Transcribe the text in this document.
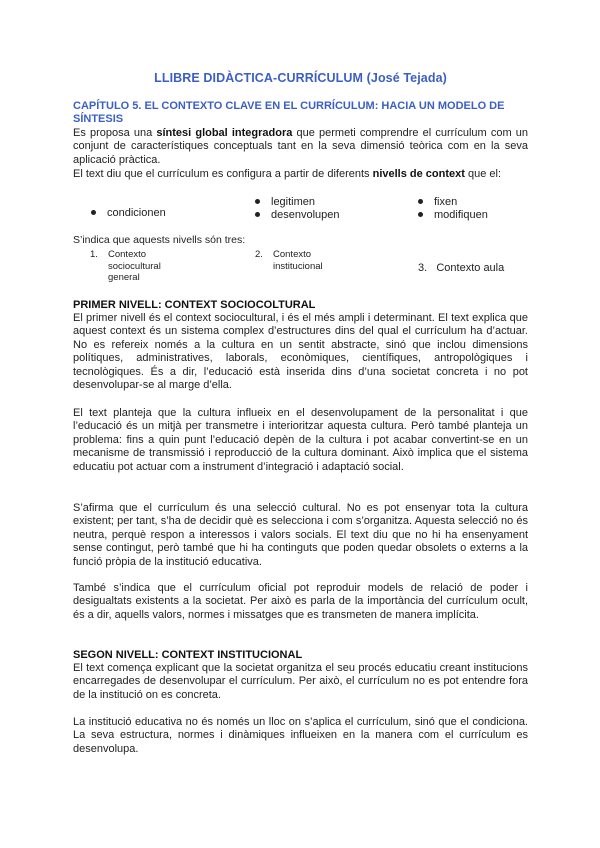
LLIBRE DIDÀCTICA-CURRÍCULUM (José Tejada)
CAPÍTULO 5. EL CONTEXTO CLAVE EN EL CURRÍCULUM: HACIA UN MODELO DE SÍNTESIS

Es proposa una síntesi global integradora que permeti comprendre el currículum com un conjunt de característiques conceptuals tant en la seva dimensió teòrica com en la seva aplicació pràctica.

El text diu que el currículum es configura a partir de diferents nivells de context que el:

condicionen
legitimen
desenvolupen
fixen
modifiquen

S’indica que aquests nivells són tres:

1. Contexto sociocultural general
2. Contexto institucional	3. Contexto aula
PRIMER NIVELL: CONTEXT SOCIOCOLTURAL

El primer nivell és el context sociocultural, i és el més ampli i determinant. El text explica que aquest context és un sistema complex d’estructures dins del qual el currículum ha d’actuar. No es refereix només a la cultura en un sentit abstracte, sinó que inclou dimensions polítiques, administratives, laborals, econòmiques, científiques, antropològiques i tecnològiques. És a dir, l’educació està inserida dins d’una societat concreta i no pot desenvolupar-se al marge d’ella.

El text planteja que la cultura influeix en el desenvolupament de la personalitat i que l’educació és un mitjà per transmetre i interioritzar aquesta cultura. Però també planteja un problema: fins a quin punt l’educació depèn de la cultura i pot acabar convertint-se en un mecanisme de transmissió i reproducció de la cultura dominant. Això implica que el sistema educatiu pot actuar com a instrument d’integració i adaptació social.

S’afirma que el currículum és una selecció cultural. No es pot ensenyar tota la cultura existent; per tant, s’ha de decidir què es selecciona i com s’organitza. Aquesta selecció no és neutra, perquè respon a interessos i valors socials. El text diu que no hi ha ensenyament sense contingut, però també que hi ha continguts que poden quedar obsolets o externs a la funció pròpia de la institució educativa.

També s’indica que el currículum oficial pot reproduir models de relació de poder i desigualtats existents a la societat. Per això es parla de la importància del currículum ocult, és a dir, aquells valors, normes i missatges que es transmeten de manera implícita.

SEGON NIVELL: CONTEXT INSTITUCIONAL

El text comença explicant que la societat organitza el seu procés educatiu creant institucions encarregades de desenvolupar el currículum. Per això, el currículum no es pot entendre fora de la institució on es concreta.

La institució educativa no és només un lloc on s’aplica el currículum, sinó que el condiciona. La seva estructura, normes i dinàmiques influeixen en la manera com el currículum es desenvolupa.
